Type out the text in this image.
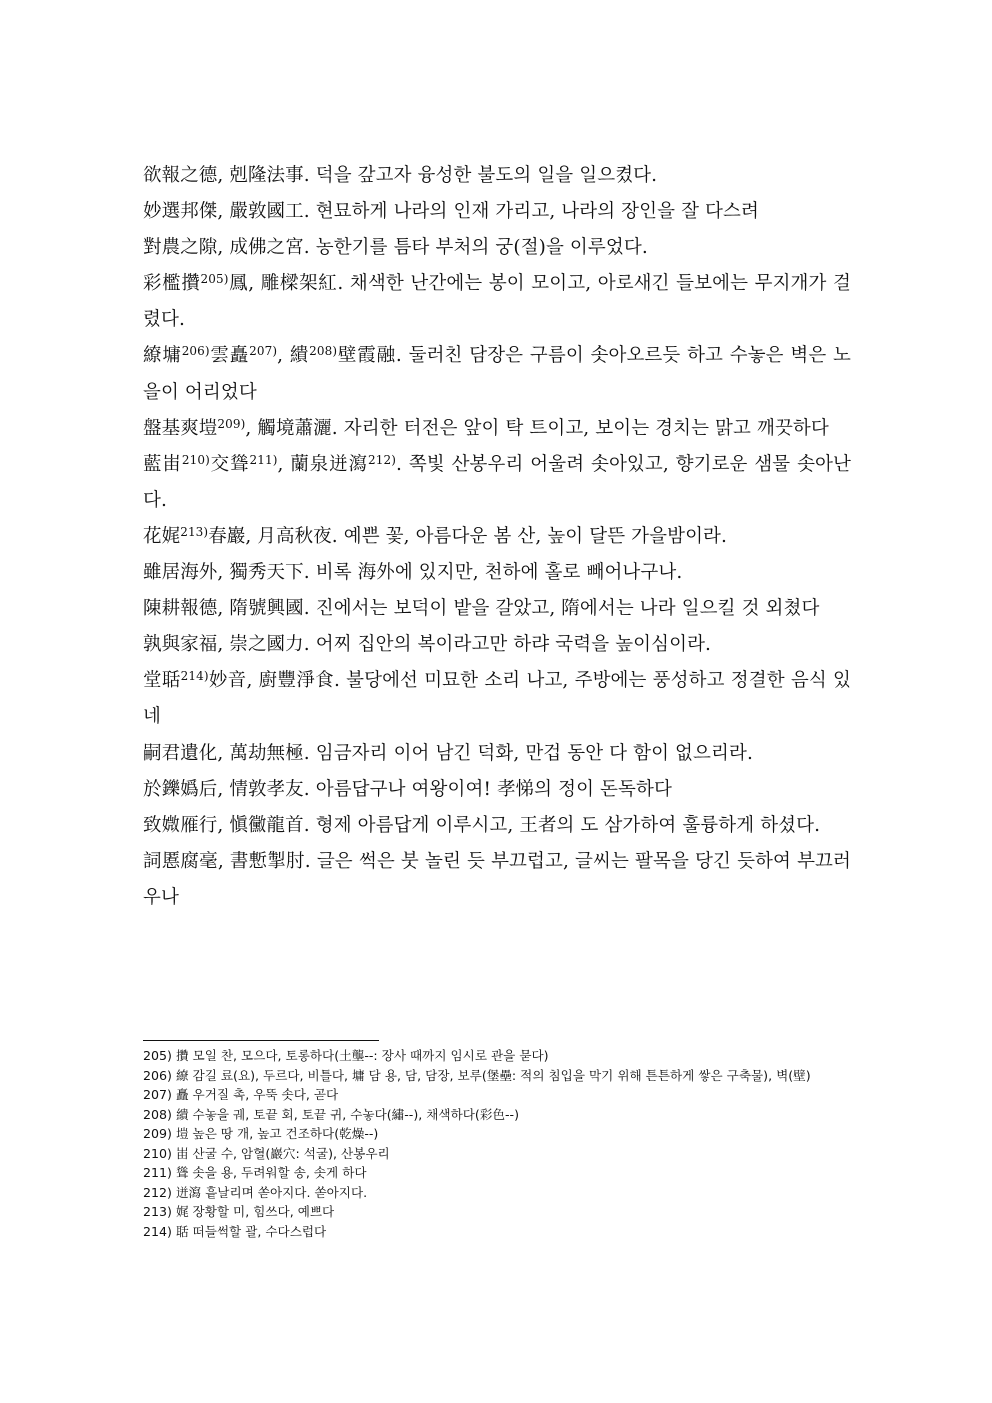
欲報之德, 剋隆法事. 덕을 갚고자 융성한 불도의 일을 일으켰다.
妙選邦傑, 嚴敦國工. 현묘하게 나라의 인재 가리고, 나라의 장인을 잘 다스려
對農之隙, 成佛之宮. 농한기를 틈타 부처의 궁(절)을 이루었다.
彩檻攢$^{205)}$鳳, 雕樑架紅. 채색한 난간에는 봉이 모이고, 아로새긴 들보에는 무지개가 걸렸다.
繚墉$^{206)}$雲矗$^{207)}$, 繢$^{208)}$壁霞融. 둘러친 담장은 구름이 솟아오르듯 하고 수놓은 벽은 노을이 어리었다
盤基爽塏$^{209)}$, 觸境蕭灑. 자리한 터전은 앞이 탁 트이고, 보이는 경치는 맑고 깨끗하다
藍峀$^{210)}$交聳$^{211)}$, 蘭泉迸瀉$^{212)}$. 쪽빛 산봉우리 어울려 솟아있고, 향기로운 샘물 솟아난다.
花娓$^{213)}$春巖, 月高秋夜. 예쁜 꽃, 아름다운 봄 산, 높이 달뜬 가을밤이라.
雖居海外, 獨秀天下. 비록 海外에 있지만, 천하에 홀로 빼어나구나.
陳耕報德, 隋號興國. 진에서는 보덕이 밭을 갈았고, 隋에서는 나라 일으킬 것 외쳤다
孰與家福, 崇之國力. 어찌 집안의 복이라고만 하랴 국력을 높이심이라.
堂聒$^{214)}$妙音, 廚豐淨食. 불당에선 미묘한 소리 나고, 주방에는 풍성하고 정결한 음식 있네
嗣君遺化, 萬劫無極. 임금자리 이어 남긴 덕화, 만겁 동안 다 함이 없으리라.
於鑠嬀后, 情敦孝友. 아름답구나 여왕이여! 孝悌의 정이 돈독하다
致媺雁行, 愼黴龍首. 형제 아름답게 이루시고, 王者의 도 삼가하여 훌륭하게 하셨다.
詞慝腐毫, 書慙掣肘. 글은 썩은 붓 놀린 듯 부끄럽고, 글씨는 팔목을 당긴 듯하여 부끄러우나
205) 攢 모일 찬, 모으다, 토롱하다(土壟--: 장사 때까지 임시로 관을 묻다)
206) 繚 감길 료(요), 두르다, 비틀다, 墉 담 용, 담, 담장, 보루(堡壘: 적의 침입을 막기 위해 튼튼하게 쌓은 구축물), 벽(壁)
207) 矗 우거질 촉, 우뚝 솟다, 곧다
208) 繢 수놓을 궤, 토끝 회, 토끝 귀, 수놓다(繡--), 채색하다(彩色--)
209) 塏 높은 땅 개, 높고 건조하다(乾燥--)
210) 峀 산굴 수, 암혈(巖穴: 석굴), 산봉우리
211) 聳 솟을 용, 두려워할 송, 솟게 하다
212) 迸瀉 흩날리며 쏟아지다. 쏟아지다.
213) 娓 장황할 미, 힘쓰다, 예쁘다
214) 聒 떠들썩할 괄, 수다스럽다
